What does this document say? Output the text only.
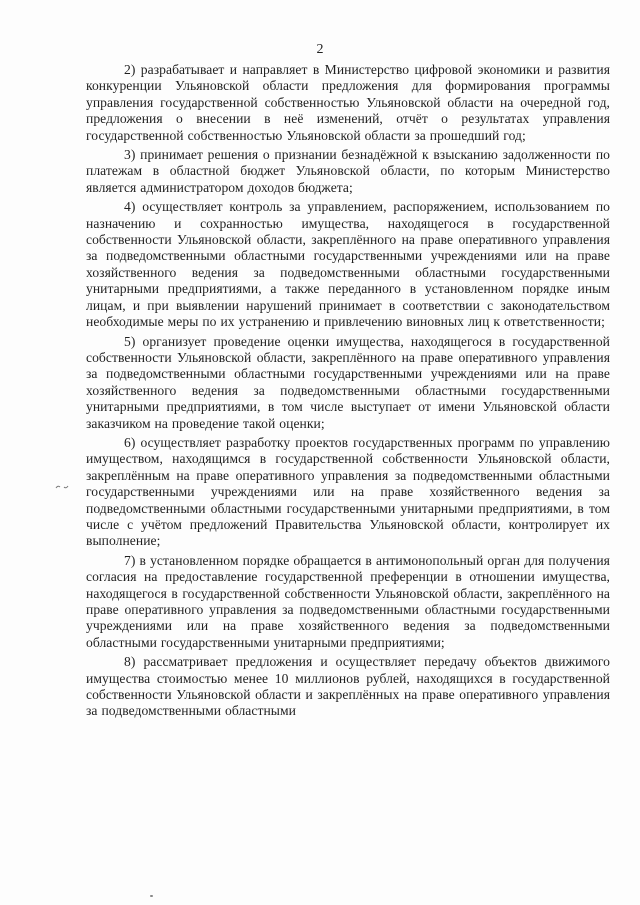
2

2) разрабатывает и направляет в Министерство цифровой экономики и развития конкуренции Ульяновской области предложения для формирования программы управления государственной собственностью Ульяновской области на очередной год, предложения о внесении в неё изменений, отчёт о результатах управления государственной собственностью Ульяновской области за прошедший год;

3) принимает решения о признании безнадёжной к взысканию задолженности по платежам в областной бюджет Ульяновской области, по которым Министерство является администратором доходов бюджета;

4) осуществляет контроль за управлением, распоряжением, использованием по назначению и сохранностью имущества, находящегося в государственной собственности Ульяновской области, закреплённого на праве оперативного управления за подведомственными областными государственными учреждениями или на праве хозяйственного ведения за подведомственными областными государственными унитарными предприятиями, а также переданного в установленном порядке иным лицам, и при выявлении нарушений принимает в соответствии с законодательством необходимые меры по их устранению и привлечению виновных лиц к ответственности;

5) организует проведение оценки имущества, находящегося в государственной собственности Ульяновской области, закреплённого на праве оперативного управления за подведомственными областными государственными учреждениями или на праве хозяйственного ведения за подведомственными областными государственными унитарными предприятиями, в том числе выступает от имени Ульяновской области заказчиком на проведение такой оценки;

6) осуществляет разработку проектов государственных программ по управлению имуществом, находящимся в государственной собственности Ульяновской области, закреплённым на праве оперативного управления за подведомственными областными государственными учреждениями или на праве хозяйственного ведения за подведомственными областными государственными унитарными предприятиями, в том числе с учётом предложений Правительства Ульяновской области, контролирует их выполнение;

7) в установленном порядке обращается в антимонопольный орган для получения согласия на предоставление государственной преференции в отношении имущества, находящегося в государственной собственности Ульяновской области, закреплённого на праве оперативного управления за подведомственными областными государственными учреждениями или на праве хозяйственного ведения за подведомственными областными государственными унитарными предприятиями;

8) рассматривает предложения и осуществляет передачу объектов движимого имущества стоимостью менее 10 миллионов рублей, находящихся в государственной собственности Ульяновской области и закреплённых на праве оперативного управления за подведомственными областными
